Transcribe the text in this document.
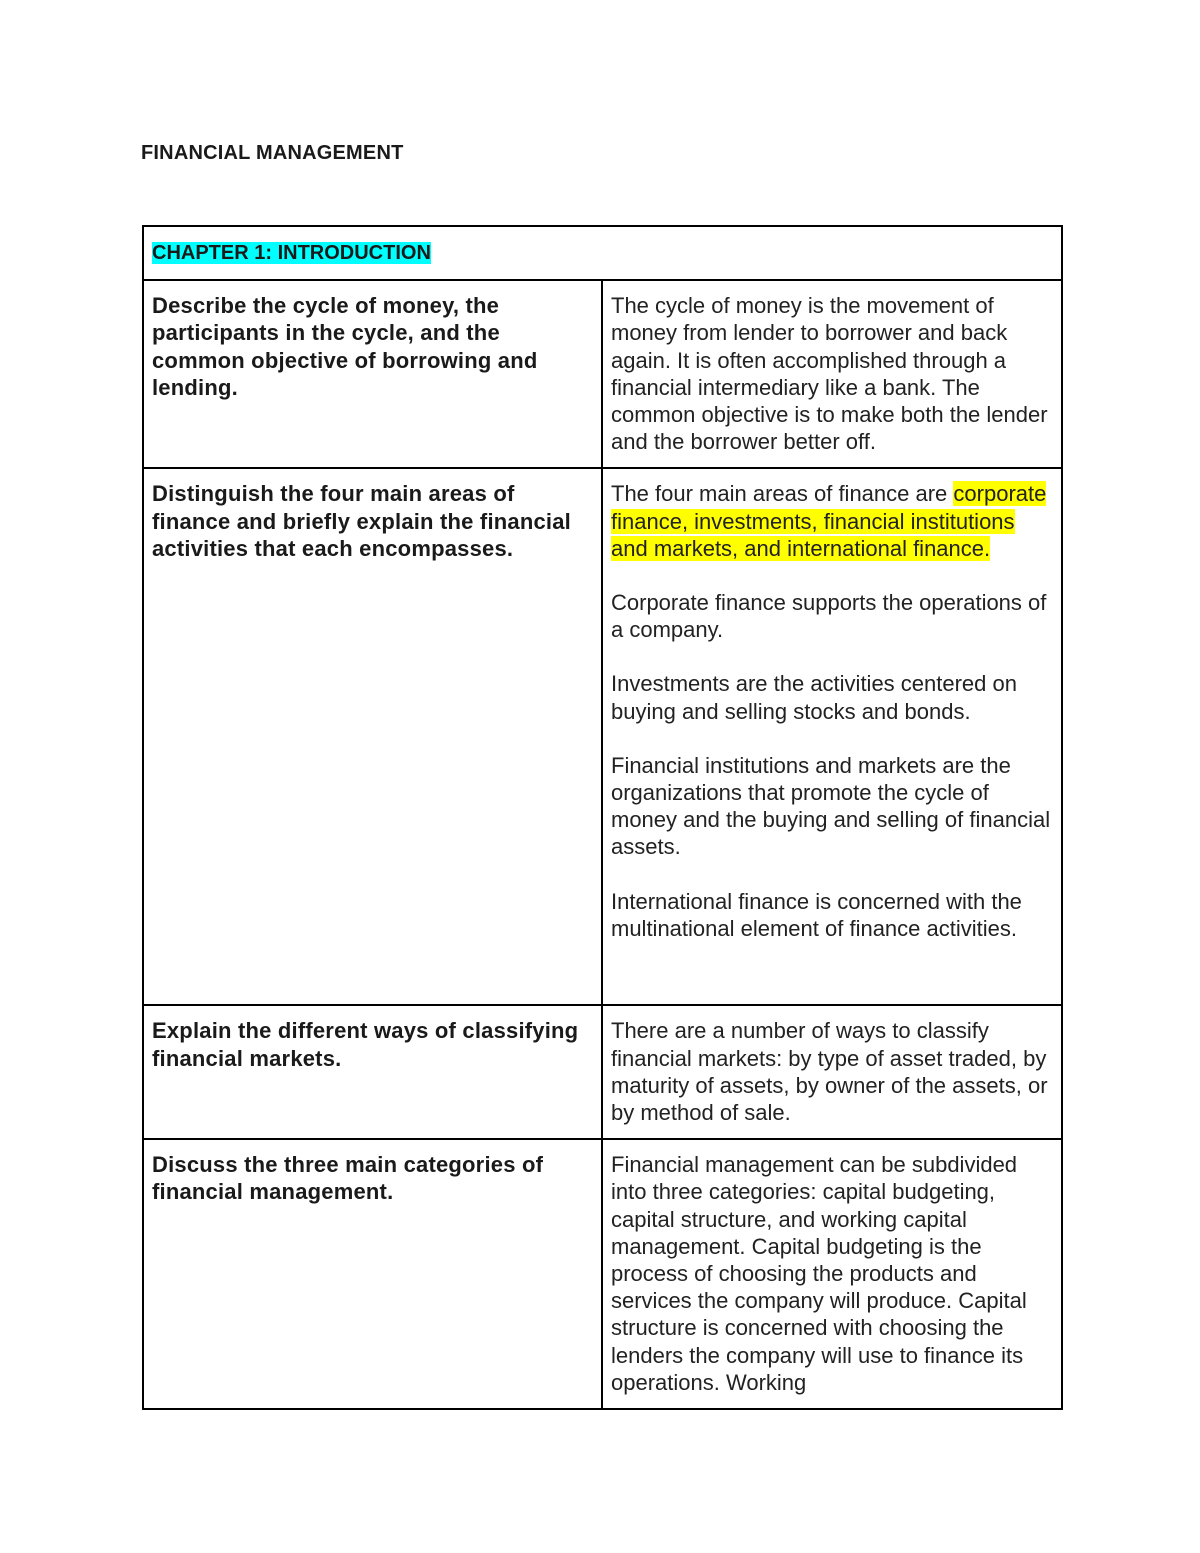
FINANCIAL MANAGEMENT
CHAPTER 1: INTRODUCTION	
Describe the cycle of money, the participants in the cycle, and the common objective of borrowing and lending.	The cycle of money is the movement of money from lender to borrower and back again. It is often accomplished through a financial intermediary like a bank. The common objective is to make both the lender and the borrower better off.
Distinguish the four main areas of finance and briefly explain the financial activities that each encompasses.	The four main areas of finance are corporate finance, investments, financial institutions and markets, and international finance.

Corporate finance supports the operations of a company.

Investments are the activities centered on buying and selling stocks and bonds.

Financial institutions and markets are the organizations that promote the cycle of money and the buying and selling of financial assets.

International finance is concerned with the multinational element of finance activities.

Explain the different ways of classifying financial markets.	There are a number of ways to classify financial markets: by type of asset traded, by maturity of assets, by owner of the assets, or by method of sale.
Discuss the three main categories of financial management.	Financial management can be subdivided into three categories: capital budgeting, capital structure, and working capital management. Capital budgeting is the process of choosing the products and services the company will produce. Capital structure is concerned with choosing the lenders the company will use to finance its operations. Working
